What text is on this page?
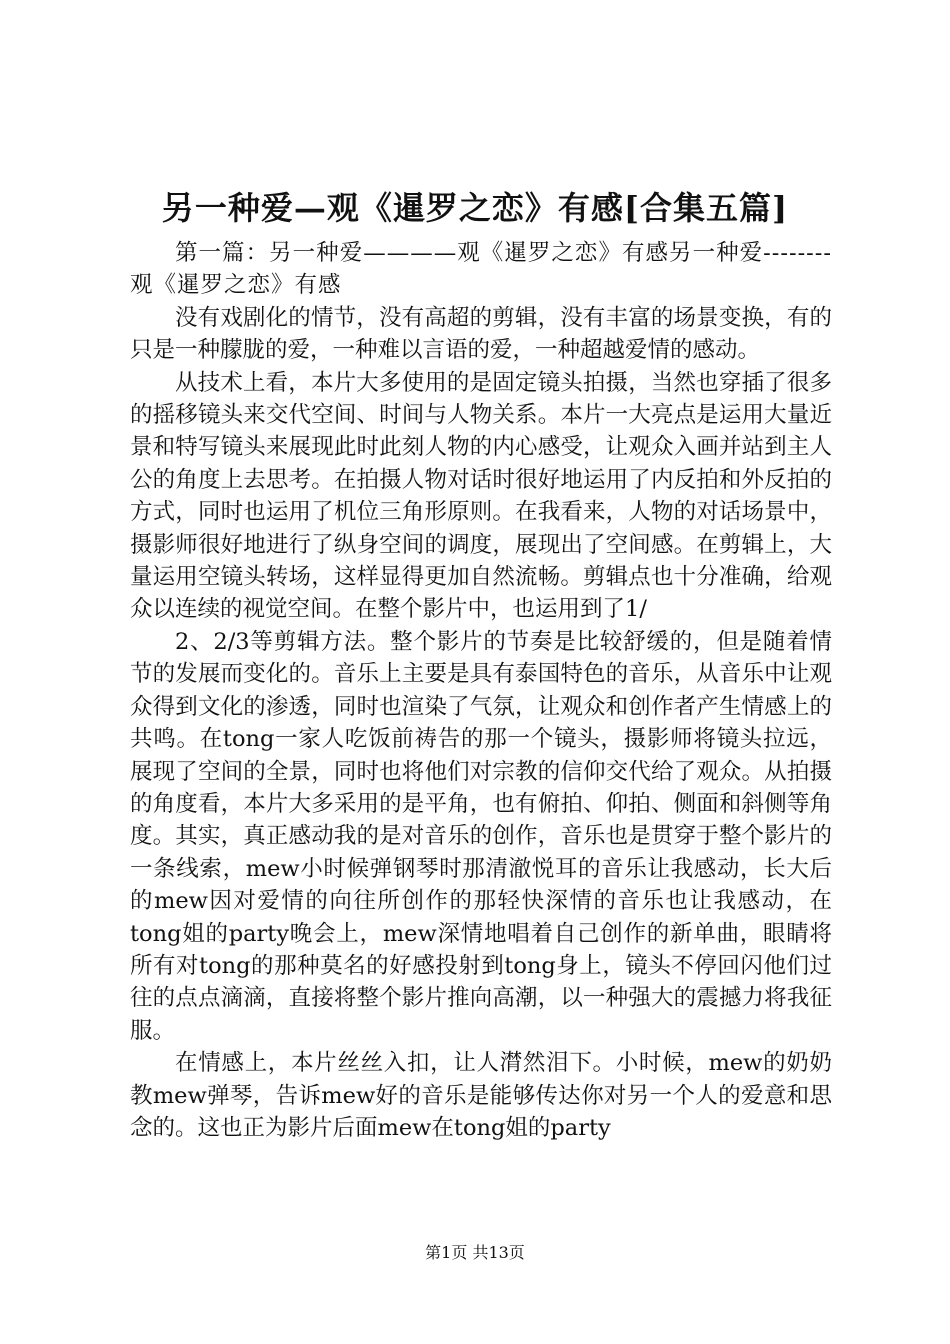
另一种爱—观《暹罗之恋》有感[合集五篇]

第一篇：另一种爱————观《暹罗之恋》有感另一种爱--------观《暹罗之恋》有感

没有戏剧化的情节，没有高超的剪辑，没有丰富的场景变换，有的只是一种朦胧的爱，一种难以言语的爱，一种超越爱情的感动。

从技术上看，本片大多使用的是固定镜头拍摄，当然也穿插了很多的摇移镜头来交代空间、时间与人物关系。本片一大亮点是运用大量近景和特写镜头来展现此时此刻人物的内心感受，让观众入画并站到主人公的角度上去思考。在拍摄人物对话时很好地运用了内反拍和外反拍的方式，同时也运用了机位三角形原则。在我看来，人物的对话场景中，摄影师很好地进行了纵身空间的调度，展现出了空间感。在剪辑上，大量运用空镜头转场，这样显得更加自然流畅。剪辑点也十分准确，给观众以连续的视觉空间。在整个影片中，也运用到了1/

2、2/3等剪辑方法。整个影片的节奏是比较舒缓的，但是随着情节的发展而变化的。音乐上主要是具有泰国特色的音乐，从音乐中让观众得到文化的渗透，同时也渲染了气氛，让观众和创作者产生情感上的共鸣。在tong一家人吃饭前祷告的那一个镜头，摄影师将镜头拉远，展现了空间的全景，同时也将他们对宗教的信仰交代给了观众。从拍摄的角度看，本片大多采用的是平角，也有俯拍、仰拍、侧面和斜侧等角度。其实，真正感动我的是对音乐的创作，音乐也是贯穿于整个影片的一条线索，mew小时候弹钢琴时那清澈悦耳的音乐让我感动，长大后的mew因对爱情的向往所创作的那轻快深情的音乐也让我感动，在tong姐的party晚会上，mew深情地唱着自己创作的新单曲，眼睛将所有对tong的那种莫名的好感投射到tong身上，镜头不停回闪他们过往的点点滴滴，直接将整个影片推向高潮，以一种强大的震撼力将我征服。

在情感上，本片丝丝入扣，让人潸然泪下。小时候，mew的奶奶教mew弹琴，告诉mew好的音乐是能够传达你对另一个人的爱意和思念的。这也正为影片后面mew在tong姐的party

第1页 共13页
